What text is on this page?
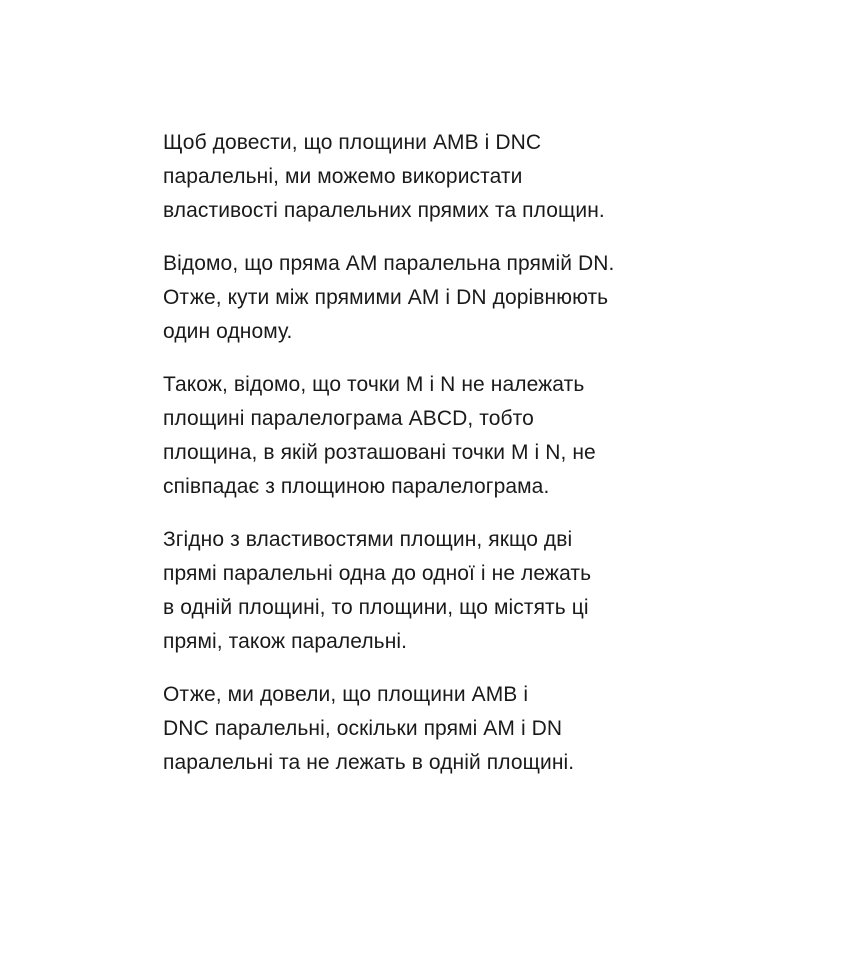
Щоб довести, що площини AMB і DNC
паралельні, ми можемо використати
властивості паралельних прямих та площин.

Відомо, що пряма AM паралельна прямій DN.
Отже, кути між прямими AM і DN дорівнюють
один одному.

Також, відомо, що точки M і N не належать
площині паралелограма ABCD, тобто
площина, в якій розташовані точки M і N, не
співпадає з площиною паралелограма.

Згідно з властивостями площин, якщо дві
прямі паралельні одна до одної і не лежать
в одній площині, то площини, що містять ці
прямі, також паралельні.

Отже, ми довели, що площини AMB і
DNC паралельні, оскільки прямі AM і DN
паралельні та не лежать в одній площині.
